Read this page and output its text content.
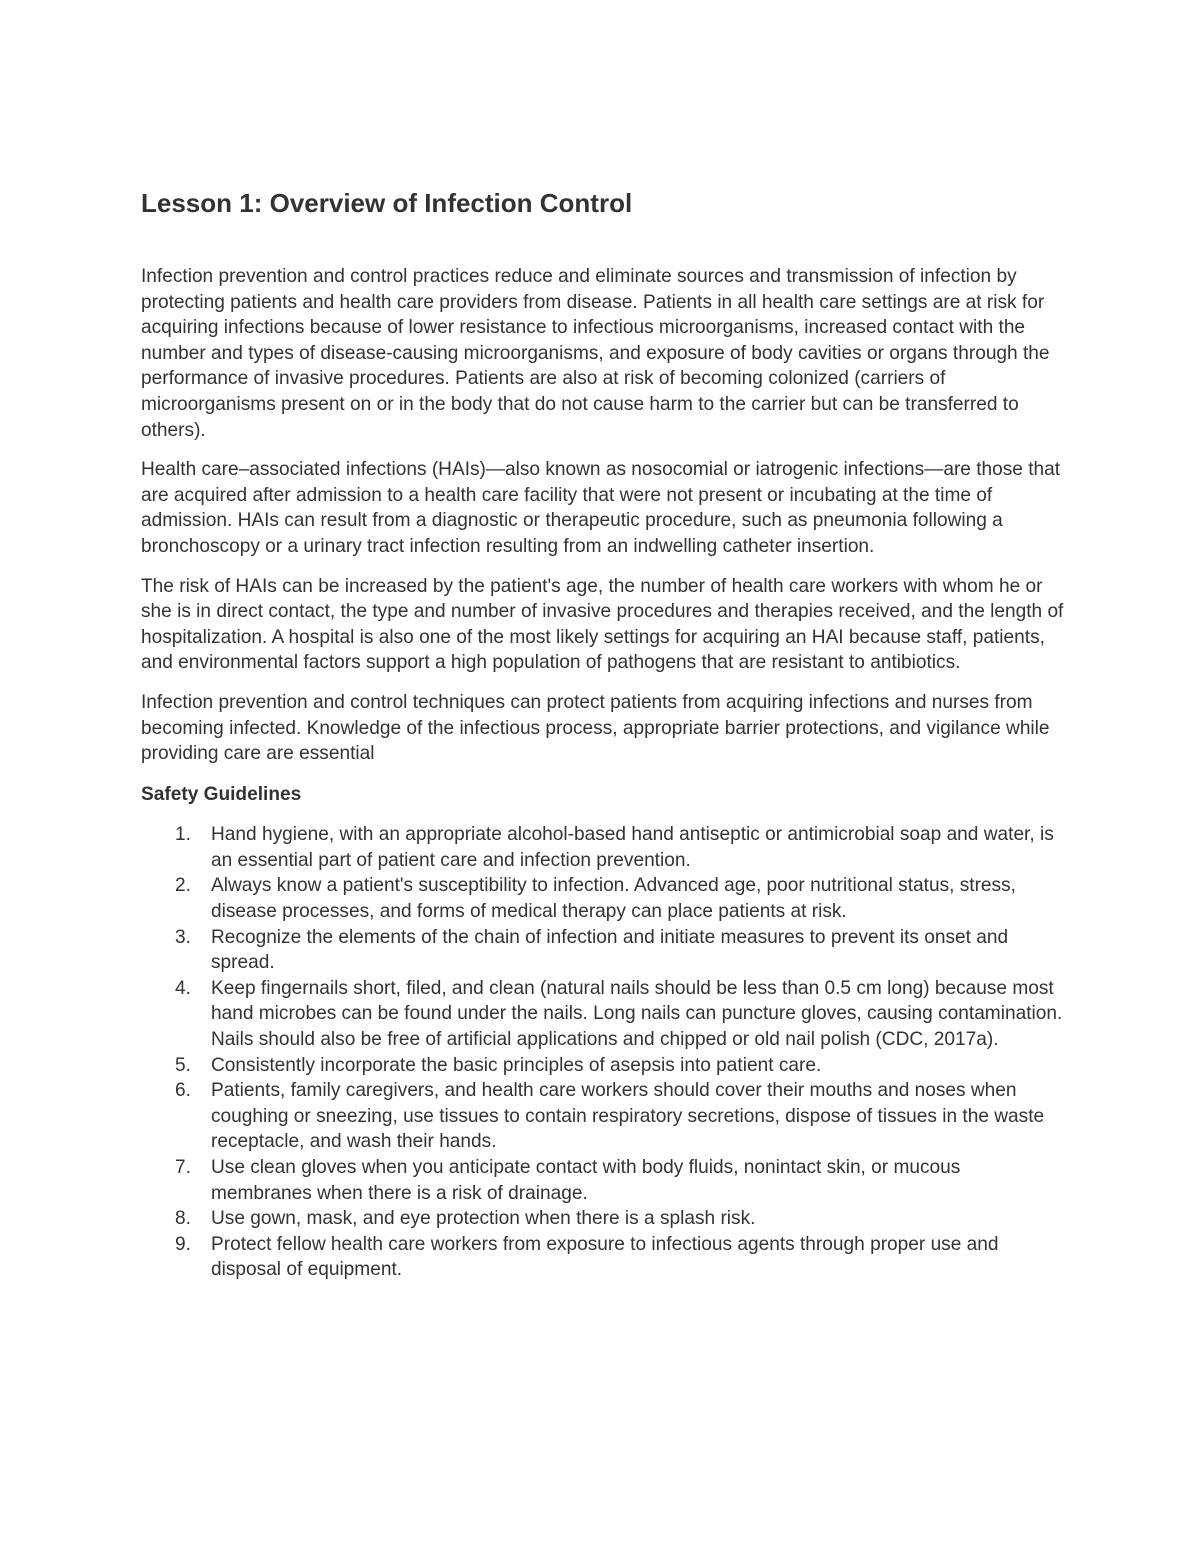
Lesson 1: Overview of Infection Control

Infection prevention and control practices reduce and eliminate sources and transmission of infection by protecting patients and health care providers from disease. Patients in all health care settings are at risk for acquiring infections because of lower resistance to infectious microorganisms, increased contact with the number and types of disease-causing microorganisms, and exposure of body cavities or organs through the performance of invasive procedures. Patients are also at risk of becoming colonized (carriers of microorganisms present on or in the body that do not cause harm to the carrier but can be transferred to others).

Health care–associated infections (HAIs)—also known as nosocomial or iatrogenic infections—are those that are acquired after admission to a health care facility that were not present or incubating at the time of admission. HAIs can result from a diagnostic or therapeutic procedure, such as pneumonia following a bronchoscopy or a urinary tract infection resulting from an indwelling catheter insertion.

The risk of HAIs can be increased by the patient's age, the number of health care workers with whom he or she is in direct contact, the type and number of invasive procedures and therapies received, and the length of hospitalization. A hospital is also one of the most likely settings for acquiring an HAI because staff, patients, and environmental factors support a high population of pathogens that are resistant to antibiotics.

Infection prevention and control techniques can protect patients from acquiring infections and nurses from becoming infected. Knowledge of the infectious process, appropriate barrier protections, and vigilance while providing care are essential

Safety Guidelines
1. Hand hygiene, with an appropriate alcohol-based hand antiseptic or antimicrobial soap and water, is an essential part of patient care and infection prevention.
2. Always know a patient's susceptibility to infection. Advanced age, poor nutritional status, stress, disease processes, and forms of medical therapy can place patients at risk.
3. Recognize the elements of the chain of infection and initiate measures to prevent its onset and spread.
4. Keep fingernails short, filed, and clean (natural nails should be less than 0.5 cm long) because most hand microbes can be found under the nails. Long nails can puncture gloves, causing contamination. Nails should also be free of artificial applications and chipped or old nail polish (CDC, 2017a).
5. Consistently incorporate the basic principles of asepsis into patient care.
6. Patients, family caregivers, and health care workers should cover their mouths and noses when coughing or sneezing, use tissues to contain respiratory secretions, dispose of tissues in the waste receptacle, and wash their hands.
7. Use clean gloves when you anticipate contact with body fluids, nonintact skin, or mucous membranes when there is a risk of drainage.
8. Use gown, mask, and eye protection when there is a splash risk.
9. Protect fellow health care workers from exposure to infectious agents through proper use and disposal of equipment.
